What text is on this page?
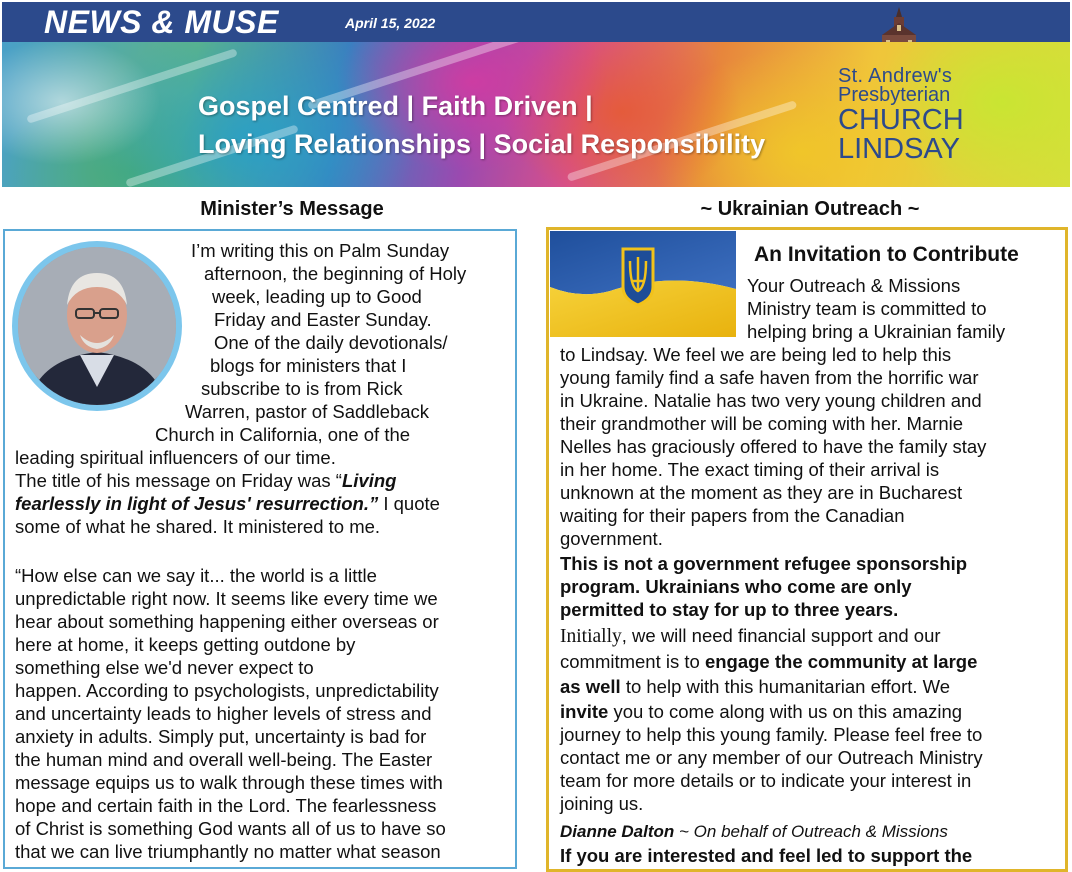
NEWS & MUSE	April 15, 2022
Gospel Centred | Faith Driven |
Loving Relationships | Social Responsibility
St. Andrew's
Presbyterian
CHURCH
LINDSAY
Minister’s Message	~ Ukrainian Outreach ~
I’m writing this on Palm Sunday
afternoon, the beginning of Holy
week, leading up to Good
Friday and Easter Sunday.
One of the daily devotionals/
blogs for ministers that I
subscribe to is from Rick
Warren, pastor of Saddleback
Church in California, one of the
leading spiritual influencers of our time.
The title of his message on Friday was “Living
fearlessly in light of Jesus' resurrection.” I quote
some of what he shared. It ministered to me.
“How else can we say it... the world is a little
unpredictable right now. It seems like every time we
hear about something happening either overseas or
here at home, it keeps getting outdone by
something else we'd never expect to
happen. According to psychologists, unpredictability
and uncertainty leads to higher levels of stress and
anxiety in adults. Simply put, uncertainty is bad for
the human mind and overall well-being. The Easter
message equips us to walk through these times with
hope and certain faith in the Lord. The fearlessness
of Christ is something God wants all of us to have so
that we can live triumphantly no matter what season
An Invitation to Contribute
Your Outreach & Missions
Ministry team is committed to
helping bring a Ukrainian family
to Lindsay. We feel we are being led to help this
young family find a safe haven from the horrific war
in Ukraine. Natalie has two very young children and
their grandmother will be coming with her. Marnie
Nelles has graciously offered to have the family stay
in her home. The exact timing of their arrival is
unknown at the moment as they are in Bucharest
waiting for their papers from the Canadian
government.
This is not a government refugee sponsorship
program. Ukrainians who come are only
permitted to stay for up to three years.
Initially, we will need financial support and our
commitment is to engage the community at large
as well to help with this humanitarian effort. We
invite you to come along with us on this amazing
journey to help this young family. Please feel free to
contact me or any member of our Outreach Ministry
team for more details or to indicate your interest in
joining us.
Dianne Dalton ~ On behalf of Outreach & Missions
If you are interested and feel led to support the
